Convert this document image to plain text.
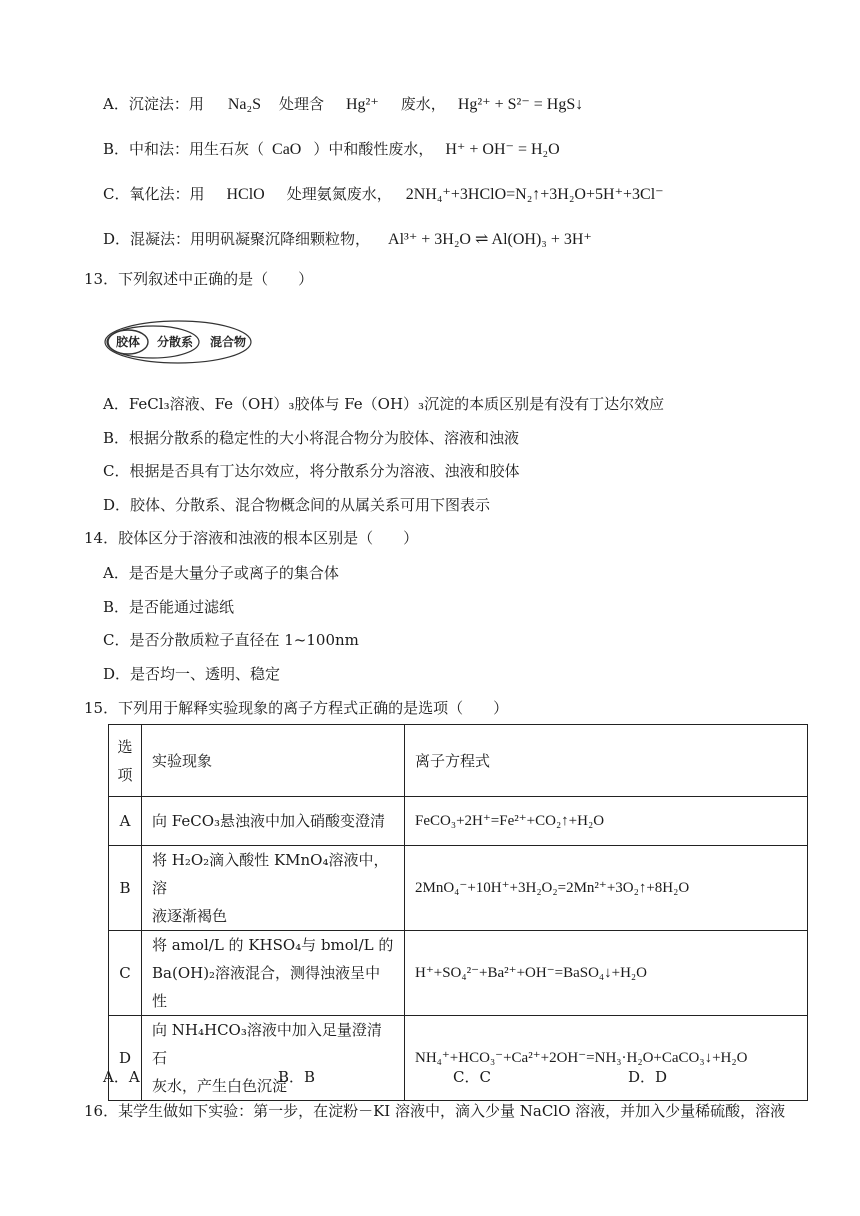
A．沉淀法：用 Na₂S 处理含 Hg²⁺ 废水， Hg²⁺ + S²⁻ = HgS↓
B．中和法：用生石灰（ CaO ）中和酸性废水， H⁺ + OH⁻ = H₂O
C．氧化法：用 HClO 处理氨氮废水， 2NH₄⁺+3HClO=N₂↑+3H₂O+5H⁺+3Cl⁻
D．混凝法：用明矾凝聚沉降细颗粒物， Al³⁺ + 3H₂O ⇌ Al(OH)₃ + 3H⁺
13．下列叙述中正确的是（　　）
胶体 分散系 混合物
A．FeCl₃溶液、Fe（OH）₃胶体与 Fe（OH）₃沉淀的本质区别是有没有丁达尔效应
B．根据分散系的稳定性的大小将混合物分为胶体、溶液和浊液
C．根据是否具有丁达尔效应，将分散系分为溶液、浊液和胶体
D．胶体、分散系、混合物概念间的从属关系可用下图表示
14．胶体区分于溶液和浊液的根本区别是（　　）
A．是否是大量分子或离子的集合体
B．是否能通过滤纸
C．是否分散质粒子直径在 1~100nm
D．是否均一、透明、稳定
15．下列用于解释实验现象的离子方程式正确的是选项（　　）
选
项	实验现象	离子方程式
A	向 FeCO₃悬浊液中加入硝酸变澄清	FeCO₃+2H⁺=Fe²⁺+CO₂↑+H₂O
B	将 H₂O₂滴入酸性 KMnO₄溶液中，溶
液逐渐褐色	2MnO₄⁻+10H⁺+3H₂O₂=2Mn²⁺+3O₂↑+8H₂O
C	将 amol/L 的 KHSO₄与 bmol/L 的
Ba(OH)₂溶液混合，测得浊液呈中性	H⁺+SO₄²⁻+Ba²⁺+OH⁻=BaSO₄↓+H₂O
D	向 NH₄HCO₃溶液中加入足量澄清石
灰水，产生白色沉淀	NH₄⁺+HCO₃⁻+Ca²⁺+2OH⁻=NH₃·H₂O+CaCO₃↓+H₂O
A．A	B．B	C．C	D．D
16．某学生做如下实验：第一步，在淀粉－KI 溶液中，滴入少量 NaClO 溶液，并加入少量稀硫酸，溶液
